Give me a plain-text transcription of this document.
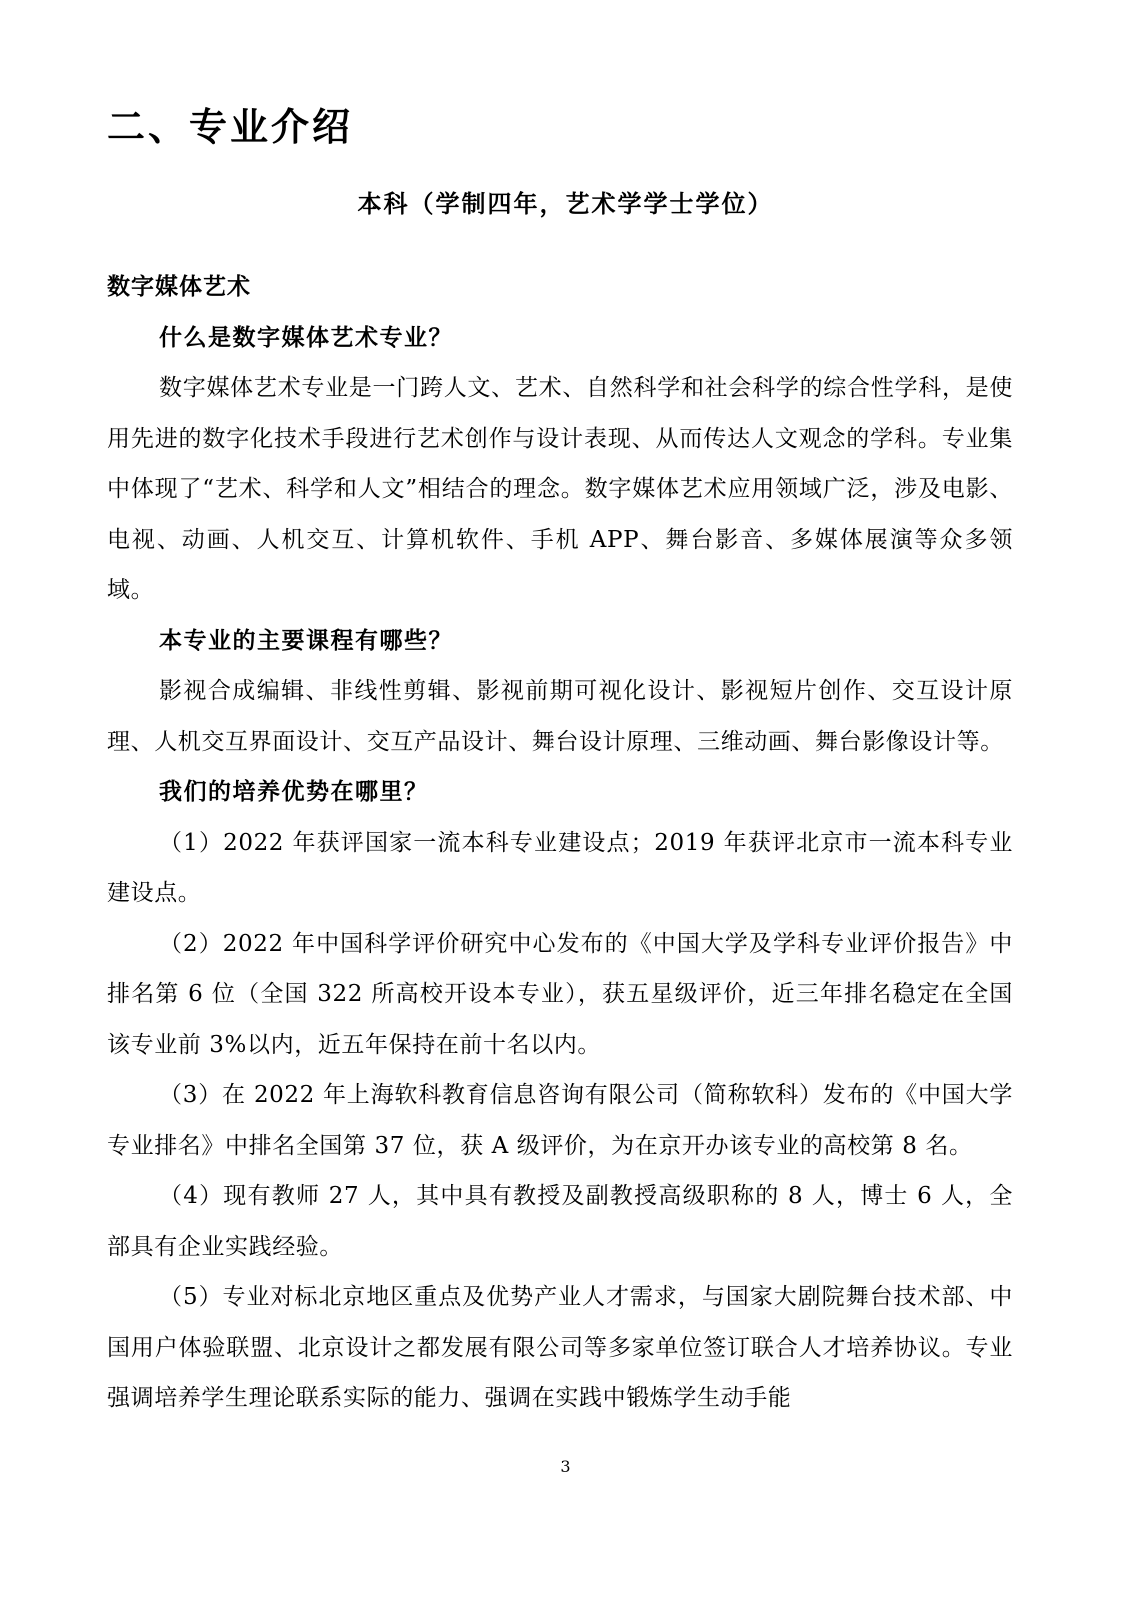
二、专业介绍
本科（学制四年，艺术学学士学位）

数字媒体艺术

什么是数字媒体艺术专业？

数字媒体艺术专业是一门跨人文、艺术、自然科学和社会科学的综合性学科，是使用先进的数字化技术手段进行艺术创作与设计表现、从而传达人文观念的学科。专业集中体现了“艺术、科学和人文”相结合的理念。数字媒体艺术应用领域广泛，涉及电影、电视、动画、人机交互、计算机软件、手机 APP、舞台影音、多媒体展演等众多领域。

本专业的主要课程有哪些？

影视合成编辑、非线性剪辑、影视前期可视化设计、影视短片创作、交互设计原理、人机交互界面设计、交互产品设计、舞台设计原理、三维动画、舞台影像设计等。

我们的培养优势在哪里？

（1）2022 年获评国家一流本科专业建设点；2019 年获评北京市一流本科专业建设点。

（2）2022 年中国科学评价研究中心发布的《中国大学及学科专业评价报告》中排名第 6 位（全国 322 所高校开设本专业），获五星级评价，近三年排名稳定在全国该专业前 3%以内，近五年保持在前十名以内。

（3）在 2022 年上海软科教育信息咨询有限公司（简称软科）发布的《中国大学专业排名》中排名全国第 37 位，获 A 级评价，为在京开办该专业的高校第 8 名。

（4）现有教师 27 人，其中具有教授及副教授高级职称的 8 人，博士 6 人，全部具有企业实践经验。

（5）专业对标北京地区重点及优势产业人才需求，与国家大剧院舞台技术部、中国用户体验联盟、北京设计之都发展有限公司等多家单位签订联合人才培养协议。专业强调培养学生理论联系实际的能力、强调在实践中锻炼学生动手能

3
